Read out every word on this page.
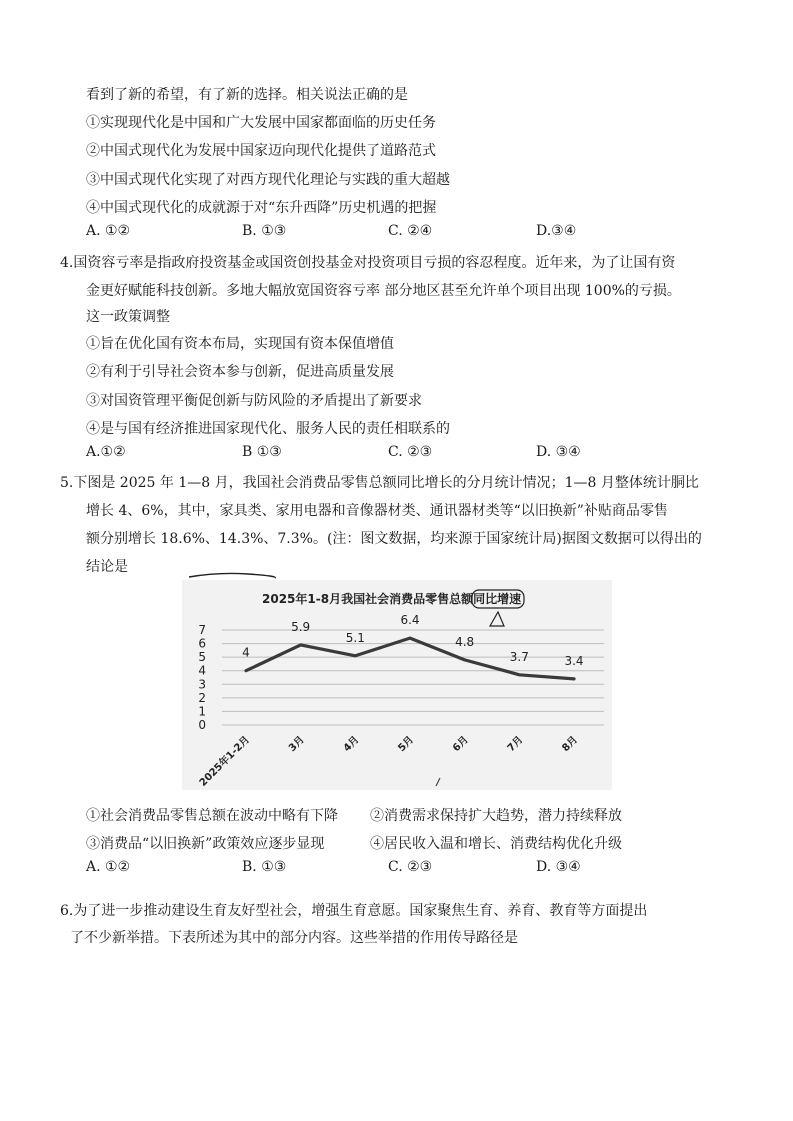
看到了新的希望，有了新的选择。相关说法正确的是
①实现现代化是中国和广大发展中国家都面临的历史任务
②中国式现代化为发展中国家迈向现代化提供了道路范式
③中国式现代化实现了对西方现代化理论与实践的重大超越
④中国式现代化的成就源于对“东升西降”历史机遇的把握
A. ①②	B. ①③	C. ②④	D.③④
4.国资容亏率是指政府投资基金或国资创投基金对投资项目亏损的容忍程度。近年来，为了让国有资
金更好赋能科技创新。多地大幅放宽国资容亏率 部分地区甚至允许单个项目出现 100%的亏损。
这一政策调整
①旨在优化国有资本布局，实现国有资本保值增值
②有利于引导社会资本参与创新，促进高质量发展
③对国资管理平衡促创新与防风险的矛盾提出了新要求
④是与国有经济推进国家现代化、服务人民的责任相联系的
A.①②	B ①③	C. ②③	D. ③④
5.下图是 2025 年 1—8 月，我国社会消费品零售总额同比增长的分月统计情况；1—8 月整体统计胴比
增长 4、6%，其中，家具类、家用电器和音像器材类、通讯器材类等“以旧换新”补贴商品零售
额分别增长 18.6%、14.3%、7.3%。(注：图文数据，均来源于国家统计局)据图文数据可以得出的
结论是
0
1
2
3
4
5
6
7
2025年1-2月	3月	4月	5月	6月	7月	8月
4
5.9
5.1
6.4
4.8
3.7	3.4
2025年1-8月我国社会消费品零售总额同比增速
①社会消费品零售总额在波动中略有下降 ②消费需求保持扩大趋势，潜力持续释放
③消费品“以旧换新”政策效应逐步显现	④居民收入温和增长、消费结构优化升级
A. ①②	B. ①③	C. ②③	D. ③④
6.为了进一步推动建设生育友好型社会，增强生育意愿。国家聚焦生育、养育、教育等方面提出
了不少新举措。下表所述为其中的部分内容。这些举措的作用传导路径是
